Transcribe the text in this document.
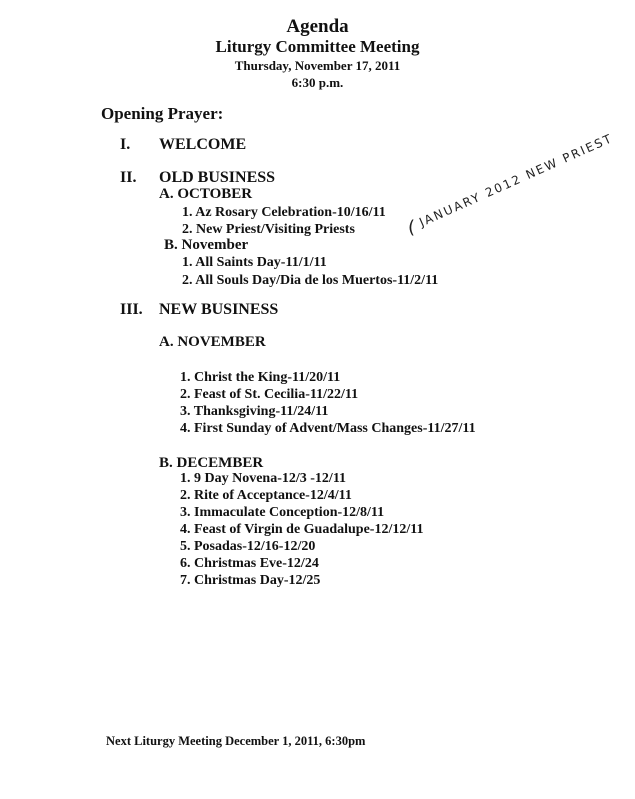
Agenda
Liturgy Committee Meeting
Thursday, November 17, 2011
6:30 p.m.
Opening Prayer:
I. WELCOME
II. OLD BUSINESS
A. OCTOBER
1. Az Rosary Celebration-10/16/11
2. New Priest/Visiting Priests
B. November
1. All Saints Day-11/1/11
2. All Souls Day/Dia de los Muertos-11/2/11
( JANUARY 2012 NEW PRIEST
III. NEW BUSINESS
A. NOVEMBER
1. Christ the King-11/20/11
2. Feast of St. Cecilia-11/22/11
3. Thanksgiving-11/24/11
4. First Sunday of Advent/Mass Changes-11/27/11
B. DECEMBER
1. 9 Day Novena-12/3 -12/11
2. Rite of Acceptance-12/4/11
3. Immaculate Conception-12/8/11
4. Feast of Virgin de Guadalupe-12/12/11
5. Posadas-12/16-12/20
6. Christmas Eve-12/24
7. Christmas Day-12/25
Next Liturgy Meeting December 1, 2011, 6:30pm
